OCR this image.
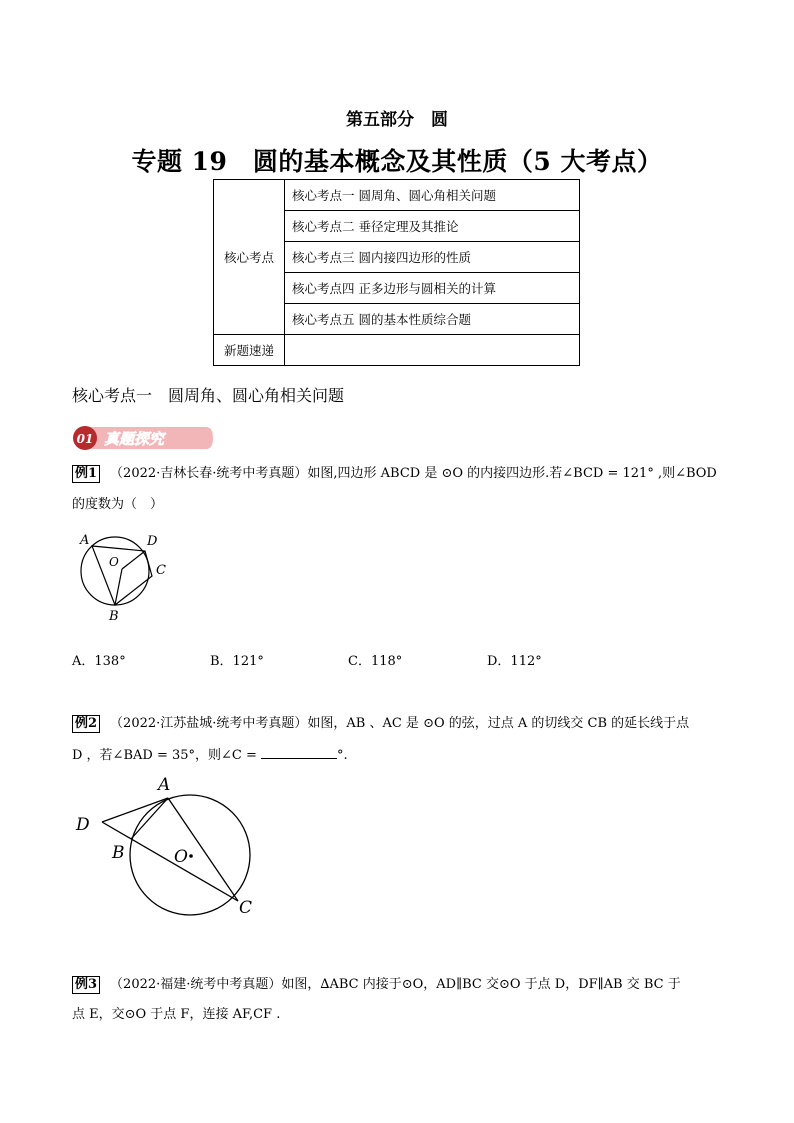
第五部分　圆
专题 19　圆的基本概念及其性质（5 大考点）
核心考点	核心考点一 圆周角、圆心角相关问题
	核心考点二 垂径定理及其推论
	核心考点三 圆内接四边形的性质
	核心考点四 正多边形与圆相关的计算
	核心考点五 圆的基本性质综合题
新题速递	
核心考点一　圆周角、圆心角相关问题
01 真题探究
例1 （2022·吉林长春·统考中考真题）如图,四边形 ABCD 是 ⊙O 的内接四边形.若∠BCD = 121° ,则∠BOD
的度数为（　）
A	D
O
C
B
A．138°	B．121°	C．118°	D．112°
例2 （2022·江苏盐城·统考中考真题）如图，AB 、AC 是 ⊙O 的弦，过点 A 的切线交 CB 的延长线于点
D ，若∠BAD = 35°，则∠C =	°.
A
D
B	O
C
例3 （2022·福建·统考中考真题）如图，∆ABC 内接于⊙O，AD∥BC 交⊙O 于点 D，DF∥AB 交 BC 于
点 E，交⊙O 于点 F，连接 AF,CF .
